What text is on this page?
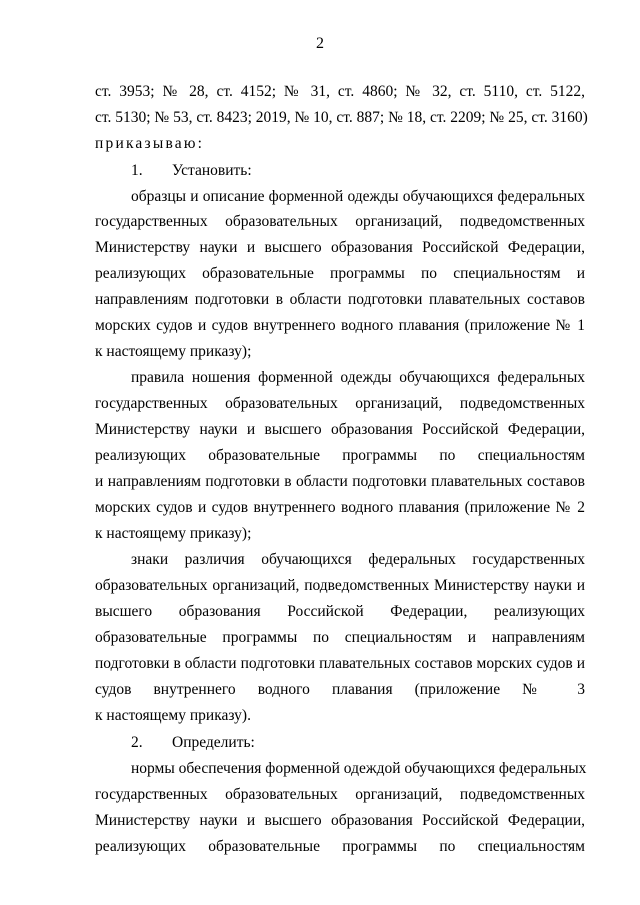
2
ст. 3953; № 28, ст. 4152; № 31, ст. 4860; № 32, ст. 5110, ст. 5122,
ст. 5130; № 53, ст. 8423; 2019, № 10, ст. 887; № 18, ст. 2209; № 25, ст. 3160)
приказываю:
1.	Установить:
образцы и описание форменной одежды обучающихся федеральных
государственных образовательных организаций, подведомственных
Министерству науки и высшего образования Российской Федерации,
реализующих образовательные программы по специальностям и
направлениям подготовки в области подготовки плавательных составов
морских судов и судов внутреннего водного плавания (приложение № 1
к настоящему приказу);
правила ношения форменной одежды обучающихся федеральных
государственных образовательных организаций, подведомственных
Министерству науки и высшего образования Российской Федерации,
реализующих образовательные программы по специальностям
и направлениям подготовки в области подготовки плавательных составов
морских судов и судов внутреннего водного плавания (приложение № 2
к настоящему приказу);
знаки различия обучающихся федеральных государственных
образовательных организаций, подведомственных Министерству науки и
высшего образования Российской Федерации, реализующих
образовательные программы по специальностям и направлениям
подготовки в области подготовки плавательных составов морских судов и
судов внутреннего водного плавания (приложение № 3
к настоящему приказу).
2.	Определить:
нормы обеспечения форменной одеждой обучающихся федеральных
государственных образовательных организаций, подведомственных
Министерству науки и высшего образования Российской Федерации,
реализующих образовательные программы по специальностям
